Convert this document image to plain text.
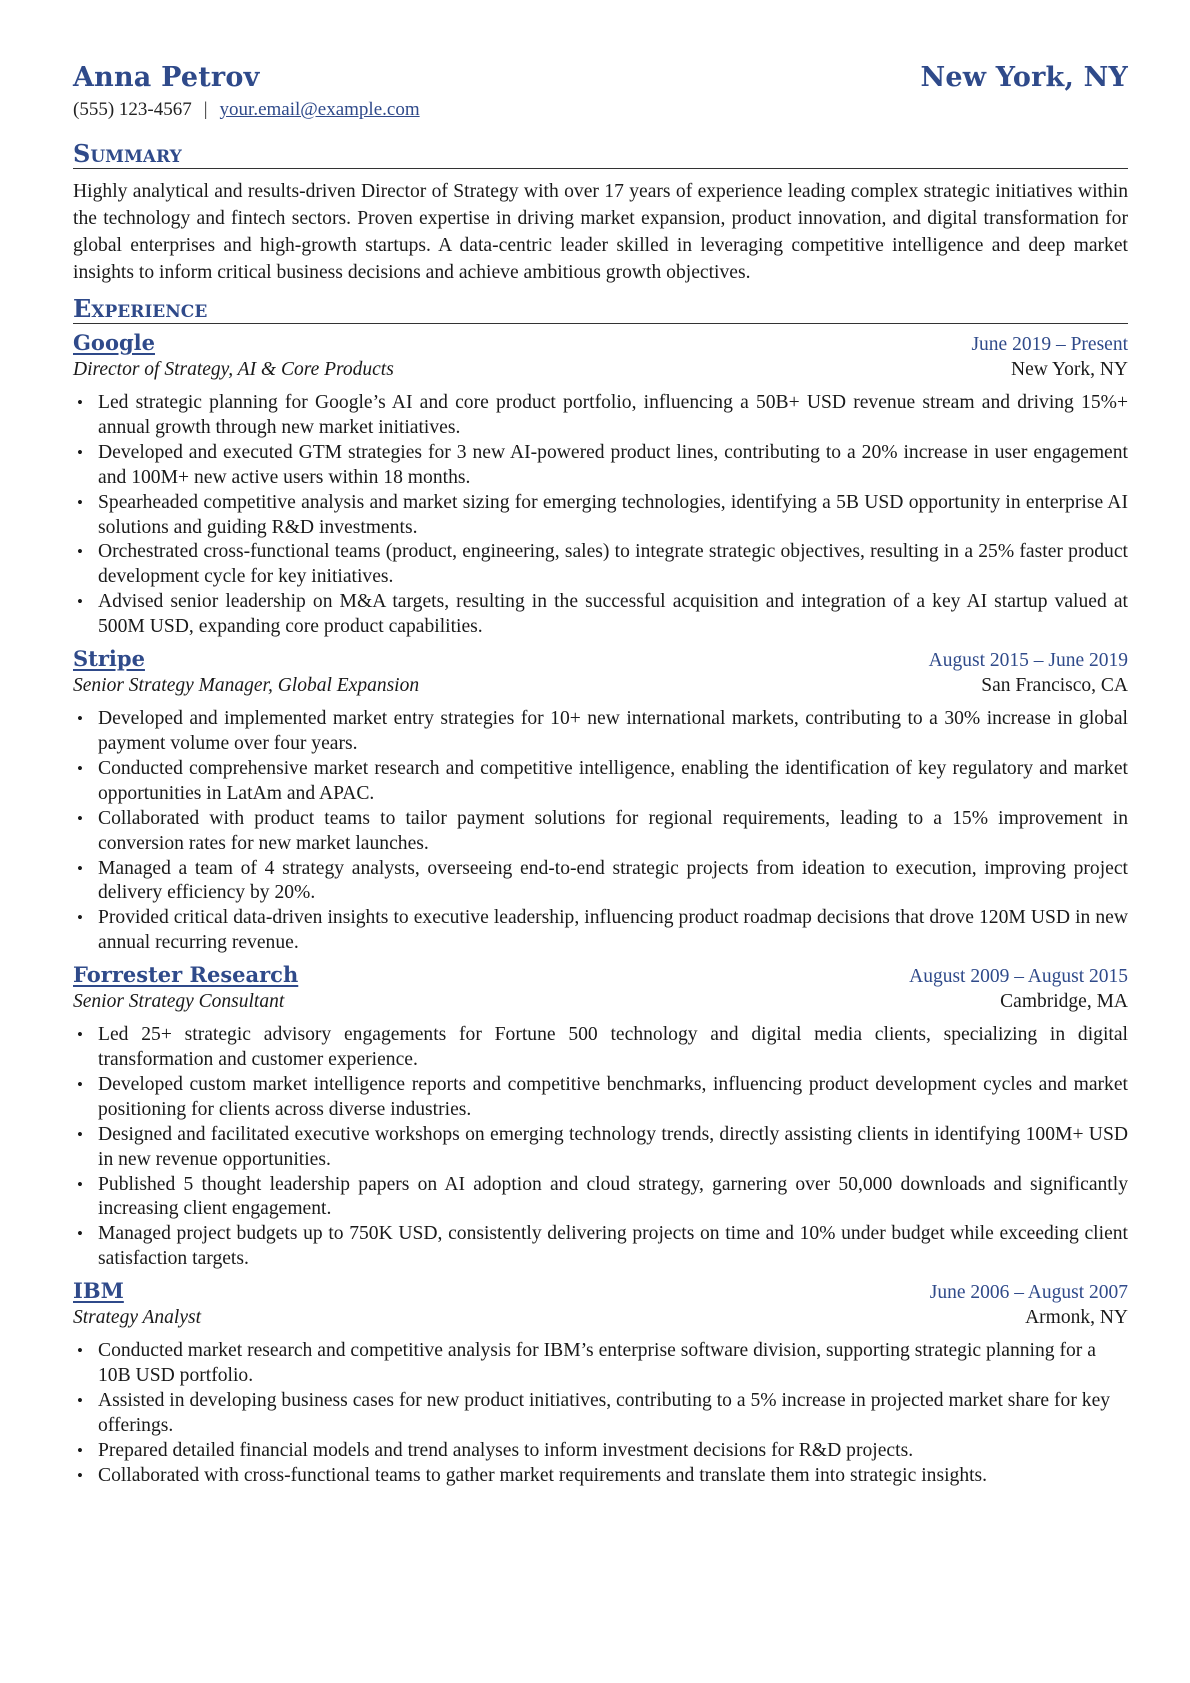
Anna Petrov	New York, NY
(555) 123-4567 | your.email@example.com
Summary

Highly analytical and results-driven Director of Strategy with over 17 years of experience leading complex strategic initiatives within the technology and fintech sectors. Proven expertise in driving market expansion, product innovation, and digital transformation for global enterprises and high-growth startups. A data-centric leader skilled in leveraging competitive intelligence and deep market insights to inform critical business decisions and achieve ambitious growth objectives.

Experience
Google	June 2019 – Present
Director of Strategy, AI & Core Products	New York, NY
• Led strategic planning for Google’s AI and core product portfolio, influencing a 50B+ USD revenue stream and driving 15%+ annual growth through new market initiatives.
• Developed and executed GTM strategies for 3 new AI-powered product lines, contributing to a 20% increase in user engagement and 100M+ new active users within 18 months.
• Spearheaded competitive analysis and market sizing for emerging technologies, identifying a 5B USD opportunity in enterprise AI solutions and guiding R&D investments.
• Orchestrated cross-functional teams (product, engineering, sales) to integrate strategic objectives, resulting in a 25% faster product development cycle for key initiatives.
• Advised senior leadership on M&A targets, resulting in the successful acquisition and integration of a key AI startup valued at 500M USD, expanding core product capabilities.
Stripe	August 2015 – June 2019
Senior Strategy Manager, Global Expansion	San Francisco, CA
• Developed and implemented market entry strategies for 10+ new international markets, contributing to a 30% increase in global payment volume over four years.
• Conducted comprehensive market research and competitive intelligence, enabling the identification of key regulatory and market opportunities in LatAm and APAC.
• Collaborated with product teams to tailor payment solutions for regional requirements, leading to a 15% improvement in conversion rates for new market launches.
• Managed a team of 4 strategy analysts, overseeing end-to-end strategic projects from ideation to execution, improving project delivery efficiency by 20%.
• Provided critical data-driven insights to executive leadership, influencing product roadmap decisions that drove 120M USD in new annual recurring revenue.
Forrester Research	August 2009 – August 2015
Senior Strategy Consultant	Cambridge, MA
• Led 25+ strategic advisory engagements for Fortune 500 technology and digital media clients, specializing in digital transformation and customer experience.
• Developed custom market intelligence reports and competitive benchmarks, influencing product development cycles and market positioning for clients across diverse industries.
• Designed and facilitated executive workshops on emerging technology trends, directly assisting clients in identifying 100M+ USD in new revenue opportunities.
• Published 5 thought leadership papers on AI adoption and cloud strategy, garnering over 50,000 downloads and significantly increasing client engagement.
• Managed project budgets up to 750K USD, consistently delivering projects on time and 10% under budget while exceeding client satisfaction targets.
IBM	June 2006 – August 2007
Strategy Analyst	Armonk, NY
• Conducted market research and competitive analysis for IBM’s enterprise software division, supporting strategic planning for a 10B USD portfolio.
• Assisted in developing business cases for new product initiatives, contributing to a 5% increase in projected market share for key offerings.
• Prepared detailed financial models and trend analyses to inform investment decisions for R&D projects.
• Collaborated with cross-functional teams to gather market requirements and translate them into strategic insights.
